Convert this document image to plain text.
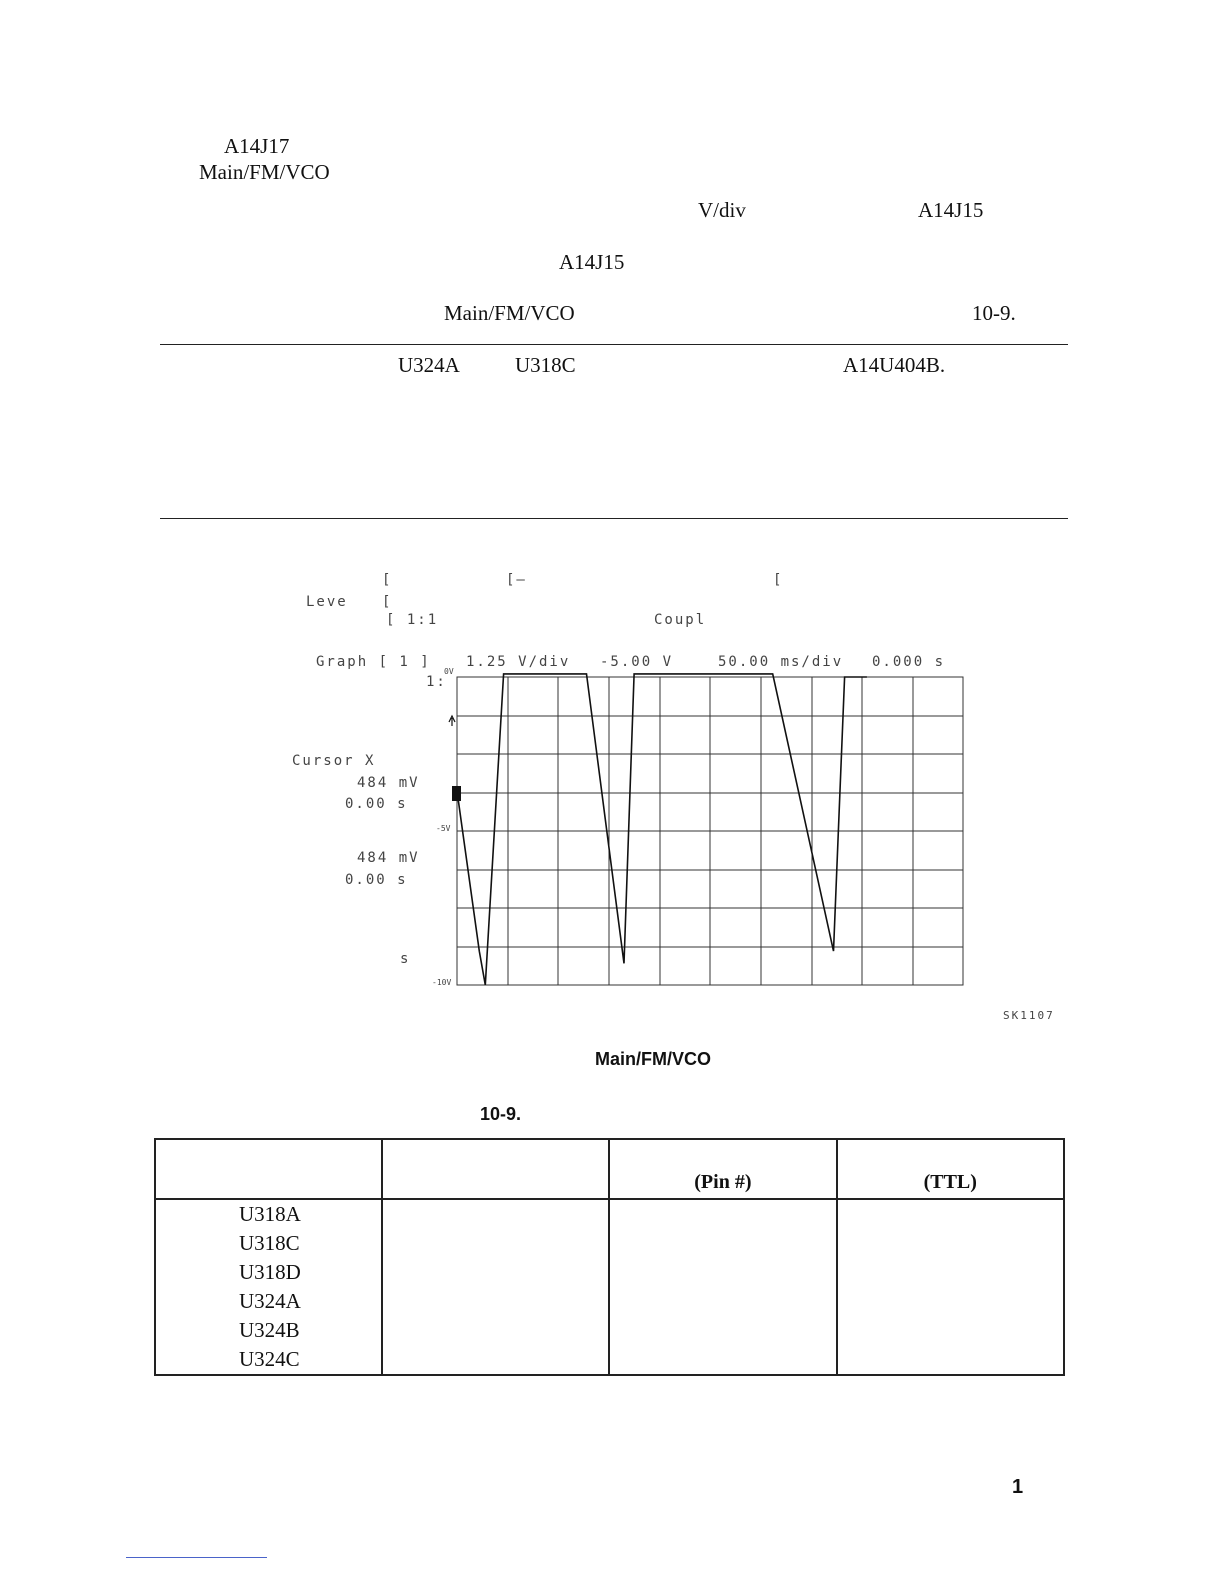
A14J17
Main/FM/VCO
V/div	A14J15
A14J15
Main/FM/VCO	10-9.
U324A	U318C	A14U404B.
[	[—	[
Leve [
[ 1:1	Coupl
Graph [ 1 ]	1.25 V/div -5.00 V	50.00 ms/div 0.000 s
1:
Cursor X
484 mV
0.00 s
484 mV
0.00 s
s
SK1107
0V
-5V
-10V
Main/FM/VCO
10-9.
		(Pin #)	(TTL)
U318A			
U318C			
U318D			
U324A			
U324B			
U324C			
1
